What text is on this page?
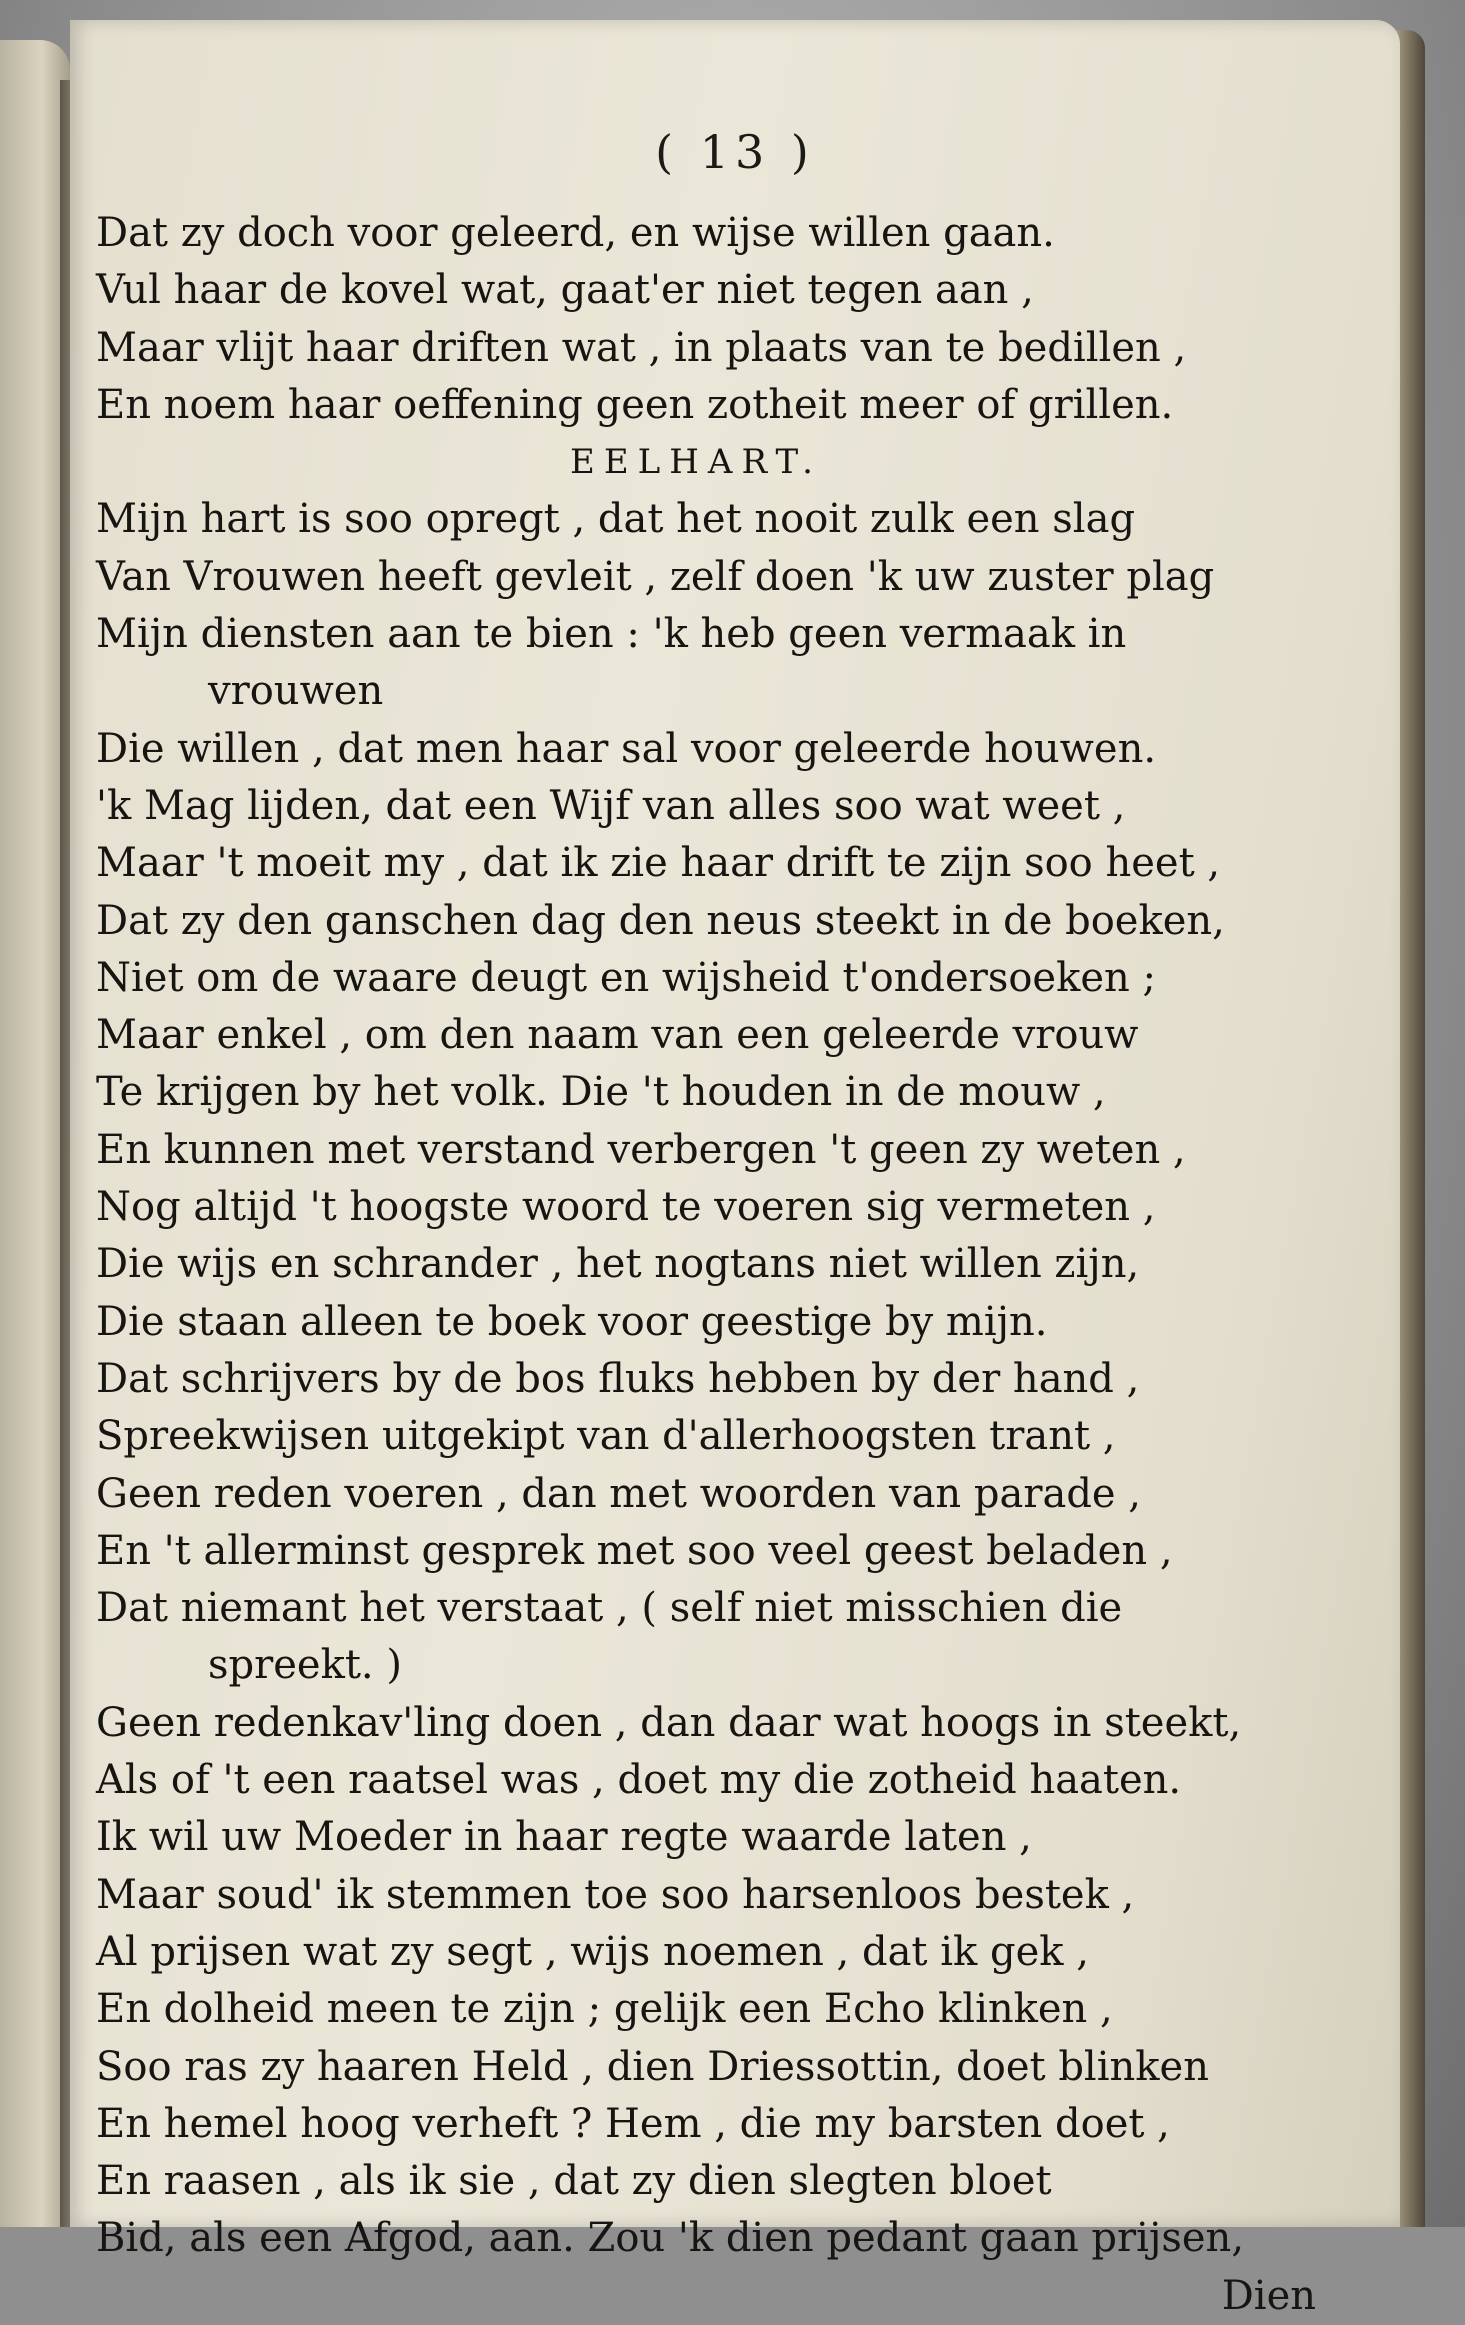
( 13 )
Dat zy doch voor geleerd, en wijse willen gaan.
Vul haar de kovel wat, gaat'er niet tegen aan ,
Maar vlijt haar driften wat , in plaats van te bedillen ,
En noem haar oeffening geen zotheit meer of grillen.
EELHART.
Mijn hart is soo opregt , dat het nooit zulk een slag
Van Vrouwen heeft gevleit , zelf doen 'k uw zuster plag
Mijn diensten aan te bien : 'k heb geen vermaak in
vrouwen
Die willen , dat men haar sal voor geleerde houwen.
'k Mag lijden, dat een Wijf van alles soo wat weet ,
Maar 't moeit my , dat ik zie haar drift te zijn soo heet ,
Dat zy den ganschen dag den neus steekt in de boeken,
Niet om de waare deugt en wijsheid t'ondersoeken ;
Maar enkel , om den naam van een geleerde vrouw
Te krijgen by het volk. Die 't houden in de mouw ,
En kunnen met verstand verbergen 't geen zy weten ,
Nog altijd 't hoogste woord te voeren sig vermeten ,
Die wijs en schrander , het nogtans niet willen zijn,
Die staan alleen te boek voor geestige by mijn.
Dat schrijvers by de bos fluks hebben by der hand ,
Spreekwijsen uitgekipt van d'allerhoogsten trant ,
Geen reden voeren , dan met woorden van parade ,
En 't allerminst gesprek met soo veel geest beladen ,
Dat niemant het verstaat , ( self niet misschien die
spreekt. )
Geen redenkav'ling doen , dan daar wat hoogs in steekt,
Als of 't een raatsel was , doet my die zotheid haaten.
Ik wil uw Moeder in haar regte waarde laten ,
Maar soud' ik stemmen toe soo harsenloos bestek ,
Al prijsen wat zy segt , wijs noemen , dat ik gek ,
En dolheid meen te zijn ; gelijk een Echo klinken ,
Soo ras zy haaren Held , dien Driessottin, doet blinken
En hemel hoog verheft ? Hem , die my barsten doet ,
En raasen , als ik sie , dat zy dien slegten bloet
Bid, als een Afgod, aan. Zou 'k dien pedant gaan prijsen,
Dien
